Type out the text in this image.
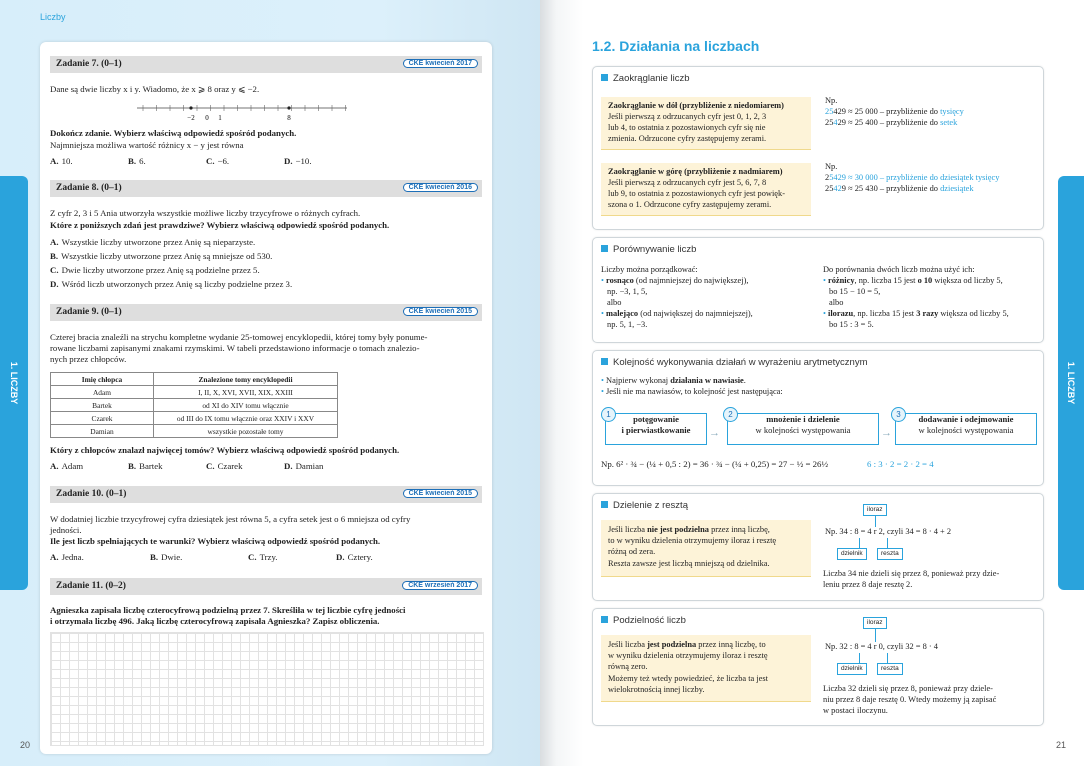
Liczby
20
1. LICZBY
Zadanie 7. (0–1)	CKE kwiecień 2017
Dane są dwie liczby x i y. Wiadomo, że x ⩾ 8 oraz y ⩽ −2.
−2 0 1	8
Dokończ zdanie. Wybierz właściwą odpowiedź spośród podanych.
Najmniejsza możliwa wartość różnicy x − y jest równa
A. 10.	B. 6.	C. −6.	D. −10.
Zadanie 8. (0–1)	CKE kwiecień 2016
Z cyfr 2, 3 i 5 Ania utworzyła wszystkie możliwe liczby trzycyfrowe o różnych cyfrach.
Które z poniższych zdań jest prawdziwe? Wybierz właściwą odpowiedź spośród podanych.
A. Wszystkie liczby utworzone przez Anię są nieparzyste.
B. Wszystkie liczby utworzone przez Anię są mniejsze od 530.
C. Dwie liczby utworzone przez Anię są podzielne przez 5.
D. Wśród liczb utworzonych przez Anię są liczby podzielne przez 3.
Zadanie 9. (0–1)	CKE kwiecień 2015
Czterej bracia znaleźli na strychu kompletne wydanie 25-tomowej encyklopedii, której tomy były ponume-
rowane liczbami zapisanymi znakami rzymskimi. W tabeli przedstawiono informacje o tomach znalezio-
nych przez chłopców.
Imię chłopca	Znalezione tomy encyklopedii
Adam	I, II, X, XVI, XVII, XIX, XXIII
Bartek	od XI do XIV tomu włącznie
Czarek	od III do IX tomu włącznie oraz XXIV i XXV
Damian	wszystkie pozostałe tomy
Który z chłopców znalazł najwięcej tomów? Wybierz właściwą odpowiedź spośród podanych.
A. Adam	B. Bartek	C. Czarek	D. Damian
Zadanie 10. (0–1)	CKE kwiecień 2015
W dodatniej liczbie trzycyfrowej cyfra dziesiątek jest równa 5, a cyfra setek jest o 6 mniejsza od cyfry
jedności.
Ile jest liczb spełniających te warunki? Wybierz właściwą odpowiedź spośród podanych.
A. Jedna.	B. Dwie.	C. Trzy.	D. Cztery.
Zadanie 11. (0–2)	CKE wrzesień 2017
Agnieszka zapisała liczbę czterocyfrową podzielną przez 7. Skreśliła w tej liczbie cyfrę jedności
i otrzymała liczbę 496. Jaką liczbę czterocyfrową zapisała Agnieszka? Zapisz obliczenia.
21
1. LICZBY
1.2. Działania na liczbach
Zaokrąglanie liczb
Zaokrąglanie w dół (przybliżenie z niedomiarem)
Jeśli pierwszą z odrzucanych cyfr jest 0, 1, 2, 3
lub 4, to ostatnia z pozostawionych cyfr się nie
zmienia. Odrzucone cyfry zastępujemy zerami.
Np.
25429 ≈ 25 000 – przybliżenie do tysięcy
25429 ≈ 25 400 – przybliżenie do setek
Zaokrąglanie w górę (przybliżenie z nadmiarem)
Jeśli pierwszą z odrzucanych cyfr jest 5, 6, 7, 8
lub 9, to ostatnia z pozostawionych cyfr jest powięk-
szona o 1. Odrzucone cyfry zastępujemy zerami.
Np.
25429 ≈ 30 000 – przybliżenie do dziesiątek tysięcy
25429 ≈ 25 430 – przybliżenie do dziesiątek
Porównywanie liczb
Liczby można porządkować:
• rosnąco (od najmniejszej do największej),
np. −3, 1, 5,
albo
• malejąco (od największej do najmniejszej),
np. 5, 1, −3.
Do porównania dwóch liczb można użyć ich:
• różnicy, np. liczba 15 jest o 10 większa od liczby 5,
bo 15 − 10 = 5,
albo
• ilorazu, np. liczba 15 jest 3 razy większa od liczby 5,
bo 15 : 3 = 5.
Kolejność wykonywania działań w wyrażeniu arytmetycznym
• Najpierw wykonaj działania w nawiasie.
• Jeśli nie ma nawiasów, to kolejność jest następująca:
potęgowanie
i pierwiastkowanie
1
→
mnożenie i dzielenie
w kolejności występowania
2
→
dodawanie i odejmowanie
w kolejności występowania
3
Np. 6² · ¾ − (¼ + 0,5 : 2) = 36 · ¾ − (¼ + 0,25) = 27 − ½ = 26½	6 : 3 · 2 = 2 · 2 = 4
Dzielenie z resztą
Jeśli liczba nie jest podzielna przez inną liczbę,
to w wyniku dzielenia otrzymujemy iloraz i resztę
różną od zera.
Reszta zawsze jest liczbą mniejszą od dzielnika.
iloraz
Np. 34 : 8 = 4 r 2, czyli 34 = 8 · 4 + 2
dzielnik	reszta
Liczba 34 nie dzieli się przez 8, ponieważ przy dzie-
leniu przez 8 daje resztę 2.
Podzielność liczb
Jeśli liczba jest podzielna przez inną liczbę, to
w wyniku dzielenia otrzymujemy iloraz i resztę
równą zero.
Możemy też wtedy powiedzieć, że liczba ta jest
wielokrotnością innej liczby.
iloraz
Np. 32 : 8 = 4 r 0, czyli 32 = 8 · 4
dzielnik	reszta
Liczba 32 dzieli się przez 8, ponieważ przy dziele-
niu przez 8 daje resztę 0. Wtedy możemy ją zapisać
w postaci iloczynu.
